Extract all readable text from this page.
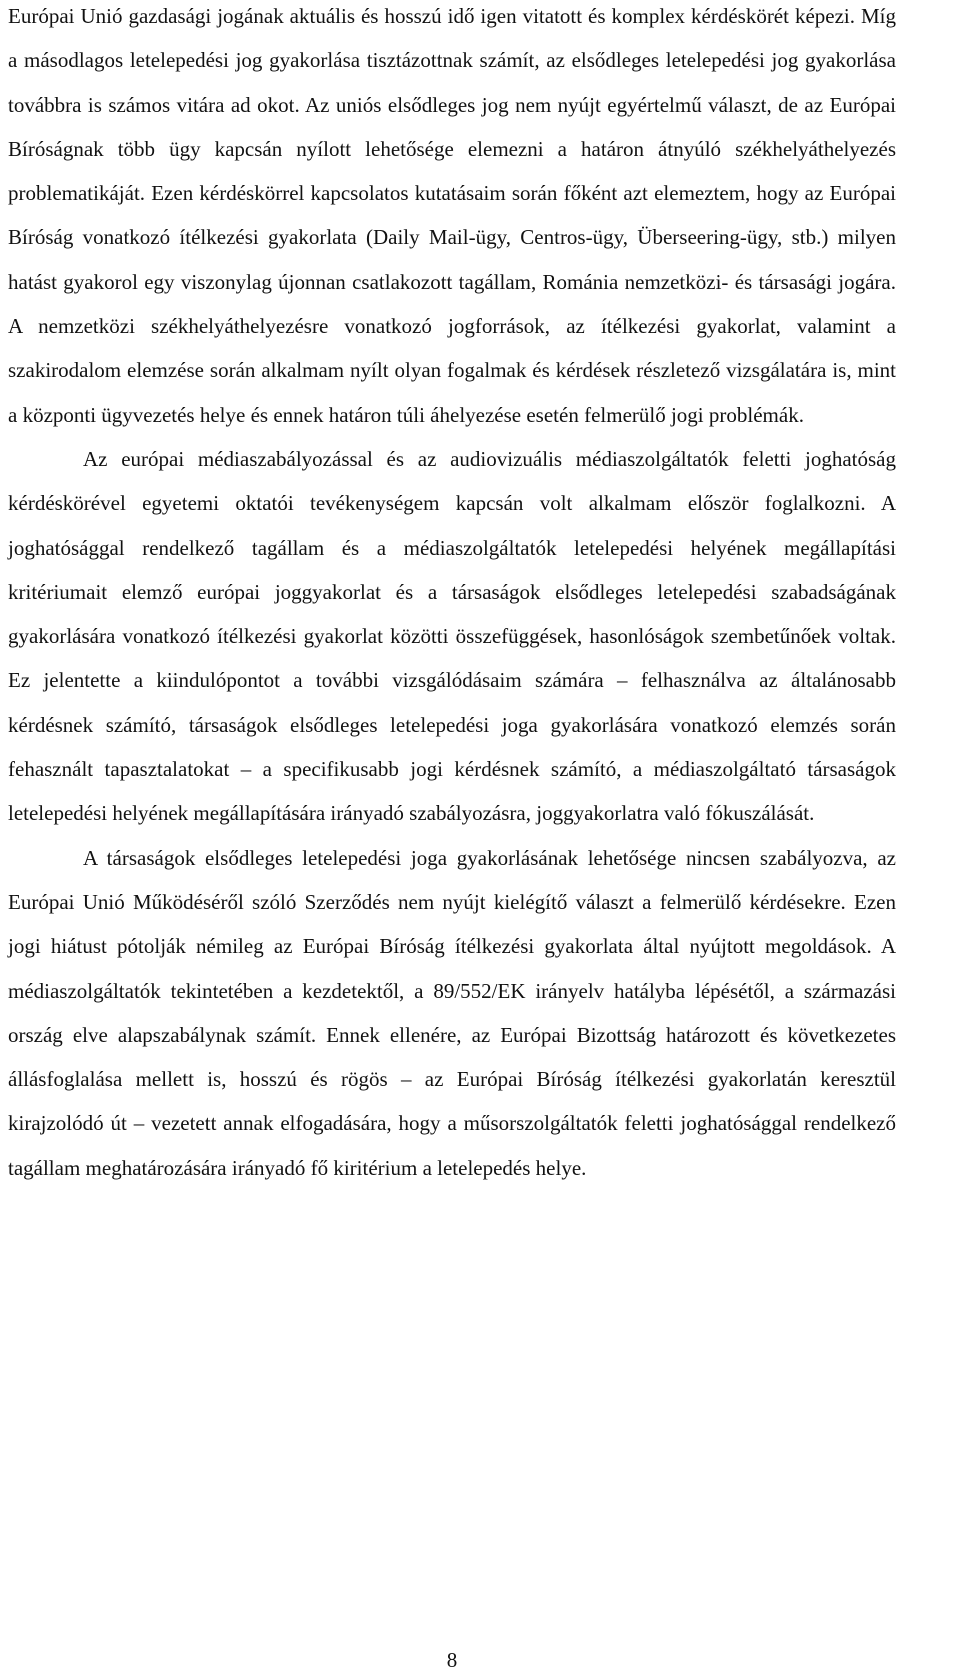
Európai Unió gazdasági jogának aktuális és hosszú idő igen vitatott és komplex kérdéskörét képezi. Míg a másodlagos letelepedési jog gyakorlása tisztázottnak számít, az elsődleges letelepedési jog gyakorlása továbbra is számos vitára ad okot. Az uniós elsődleges jog nem nyújt egyértelmű választ, de az Európai Bíróságnak több ügy kapcsán nyílott lehetősége elemezni a határon átnyúló székhelyáthelyezés problematikáját. Ezen kérdéskörrel kapcsolatos kutatásaim során főként azt elemeztem, hogy az Európai Bíróság vonatkozó ítélkezési gyakorlata (Daily Mail-ügy, Centros-ügy, Überseering-ügy, stb.) milyen hatást gyakorol egy viszonylag újonnan csatlakozott tagállam, Románia nemzetközi- és társasági jogára. A nemzetközi székhelyáthelyezésre vonatkozó jogforrások, az ítélkezési gyakorlat, valamint a szakirodalom elemzése során alkalmam nyílt olyan fogalmak és kérdések részletező vizsgálatára is, mint a központi ügyvezetés helye és ennek határon túli áhelyezése esetén felmerülő jogi problémák.

Az európai médiaszabályozással és az audiovizuális médiaszolgáltatók feletti joghatóság kérdéskörével egyetemi oktatói tevékenységem kapcsán volt alkalmam először foglalkozni. A joghatósággal rendelkező tagállam és a médiaszolgáltatók letelepedési helyének megállapítási kritériumait elemző európai joggyakorlat és a társaságok elsődleges letelepedési szabadságának gyakorlására vonatkozó ítélkezési gyakorlat közötti összefüggések, hasonlóságok szembetűnőek voltak. Ez jelentette a kiindulópontot a további vizsgálódásaim számára – felhasználva az általánosabb kérdésnek számító, társaságok elsődleges letelepedési joga gyakorlására vonatkozó elemzés során fehasznált tapasztalatokat – a specifikusabb jogi kérdésnek számító, a médiaszolgáltató társaságok letelepedési helyének megállapítására irányadó szabályozásra, joggyakorlatra való fókuszálását.

A társaságok elsődleges letelepedési joga gyakorlásának lehetősége nincsen szabályozva, az Európai Unió Működéséről szóló Szerződés nem nyújt kielégítő választ a felmerülő kérdésekre. Ezen jogi hiátust pótolják némileg az Európai Bíróság ítélkezési gyakorlata által nyújtott megoldások. A médiaszolgáltatók tekintetében a kezdetektől, a 89/552/EK irányelv hatályba lépésétől, a származási ország elve alapszabálynak számít. Ennek ellenére, az Európai Bizottság határozott és következetes állásfoglalása mellett is, hosszú és rögös – az Európai Bíróság ítélkezési gyakorlatán keresztül kirajzolódó út – vezetett annak elfogadására, hogy a műsorszolgáltatók feletti joghatósággal rendelkező tagállam meghatározására irányadó fő kiritérium a letelepedés helye.

8
